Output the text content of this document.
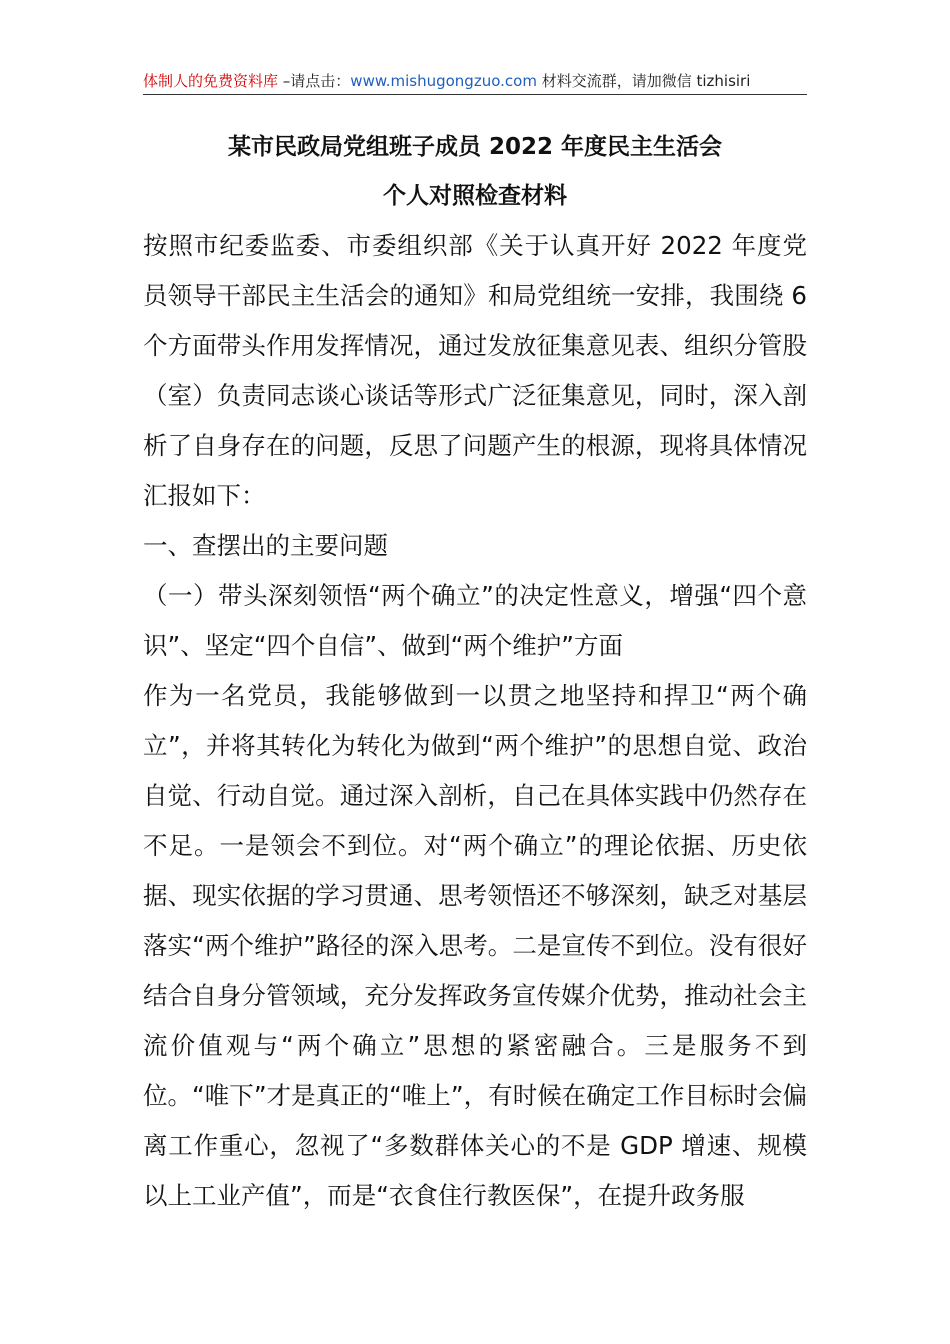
体制人的免费资料库 –请点击：www.mishugongzuo.com 材料交流群，请加微信 tizhisiri
某市民政局党组班子成员 2022 年度民主生活会
个人对照检查材料

按照市纪委监委、市委组织部《关于认真开好 2022 年度党员领导干部民主生活会的通知》和局党组统一安排，我围绕 6 个方面带头作用发挥情况，通过发放征集意见表、组织分管股（室）负责同志谈心谈话等形式广泛征集意见，同时，深入剖析了自身存在的问题，反思了问题产生的根源，现将具体情况汇报如下：

一、查摆出的主要问题

（一）带头深刻领悟“两个确立”的决定性意义，增强“四个意识”、坚定“四个自信”、做到“两个维护”方面

作为一名党员，我能够做到一以贯之地坚持和捍卫“两个确立”，并将其转化为转化为做到“两个维护”的思想自觉、政治自觉、行动自觉。通过深入剖析，自己在具体实践中仍然存在不足。一是领会不到位。对“两个确立”的理论依据、历史依据、现实依据的学习贯通、思考领悟还不够深刻，缺乏对基层落实“两个维护”路径的深入思考。二是宣传不到位。没有很好结合自身分管领域，充分发挥政务宣传媒介优势，推动社会主流价值观与“两个确立”思想的紧密融合。三是服务不到位。“唯下”才是真正的“唯上”，有时候在确定工作目标时会偏离工作重心，忽视了“多数群体关心的不是 GDP 增速、规模以上工业产值”，而是“衣食住行教医保”，在提升政务服
